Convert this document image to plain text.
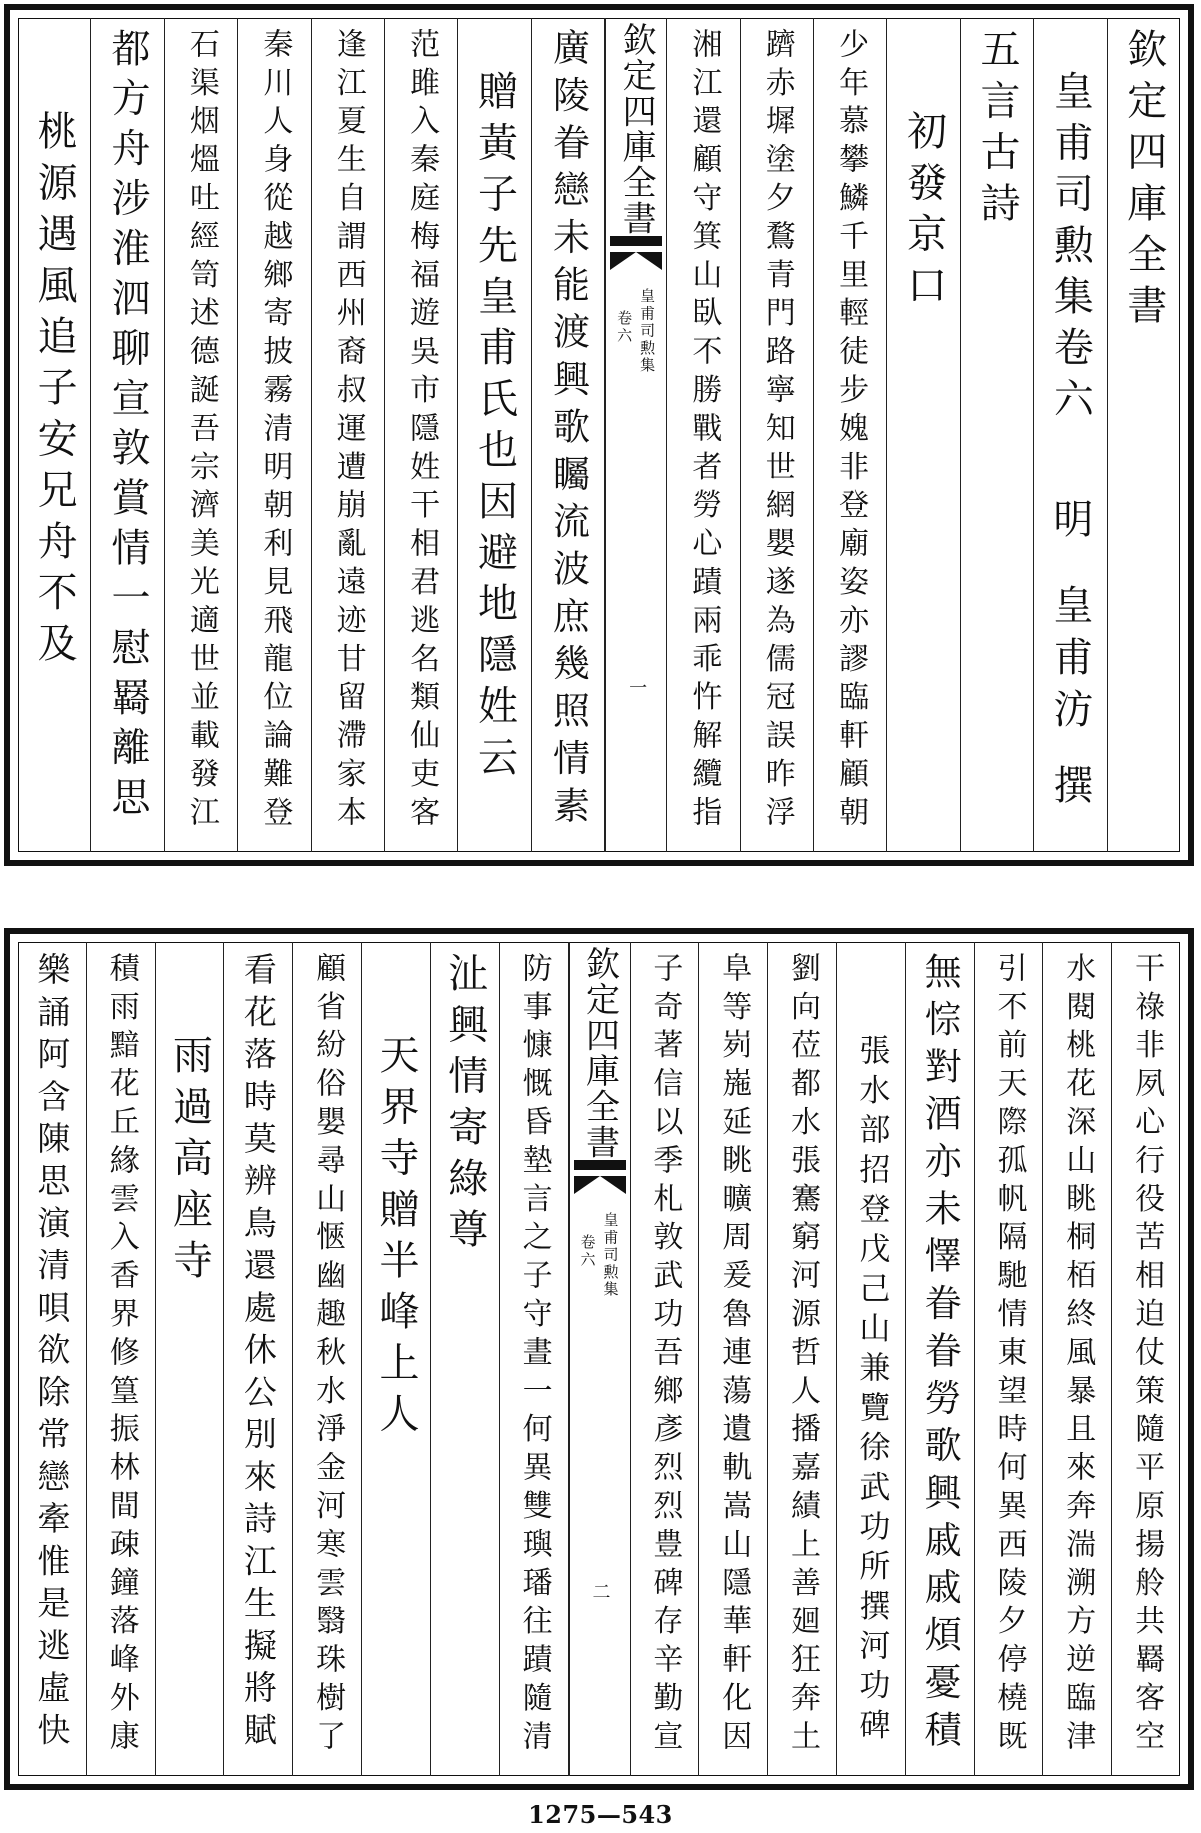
欽定四庫全書
皇甫司勲集卷六
明
皇甫汸
撰
五言古詩
初發京口
少年慕攀鱗千里輕徒步媿非登廟姿亦謬臨軒顧朝
躋赤墀塗夕鶩青門路寧知世網嬰遂為儒冠誤昨浮
湘江還顧守箕山臥不勝戰者勞心蹟兩乖忤解纜指
欽定四庫全書
皇甫司勲集
卷六
一
廣陵眷戀未能渡興歌矚流波庶幾照情素
贈黃子先皇甫氏也因避地隱姓云
范雎入秦庭梅福遊吳市隱姓干相君逃名類仙吏客
逢江夏生自謂西州裔叔運遭崩亂遠迹甘留滯家本
秦川人身從越鄉寄披霧清明朝利見飛龍位論難登
石渠烟熅吐經笥述德誕吾宗濟美光適世並載發江
都方舟涉淮泗聊宣敦賞情一慰羇離思
桃源遇風追子安兄舟不及
干祿非夙心行役苦相迫仗策隨平原揚舲共羇客空
水閱桃花深山眺桐栢終風暴且來奔湍溯方逆臨津
引不前天際孤帆隔馳情東望時何異西陵夕停橈既
無悰對酒亦未懌眷眷勞歌興戚戚煩憂積
張水部招登戊己山兼覽徐武功所撰河功碑
劉向莅都水張騫窮河源哲人播嘉績上善廻狂奔土
阜等峛崺延眺曠周爰魯連蕩遺軌嵩山隱華軒化因
子奇著信以季札敦武功吾鄉彥烈烈豊碑存辛勤宣
欽定四庫全書
皇甫司勲集
卷六
二
防事慷慨昏墊言之子守晝一何異雙璵璠往蹟隨清
沚興情寄綠尊
天界寺贈半峰上人
顧省紛俗嬰尋山愜幽趣秋水淨金河寒雲翳珠樹了
看花落時莫辨鳥還處休公別來詩江生擬將賦
雨過高座寺
積雨黯花丘緣雲入香界修篁振林間疎鐘落峰外康
樂誦阿含陳思演清唄欲除常戀牽惟是逃虛快
1275—543
